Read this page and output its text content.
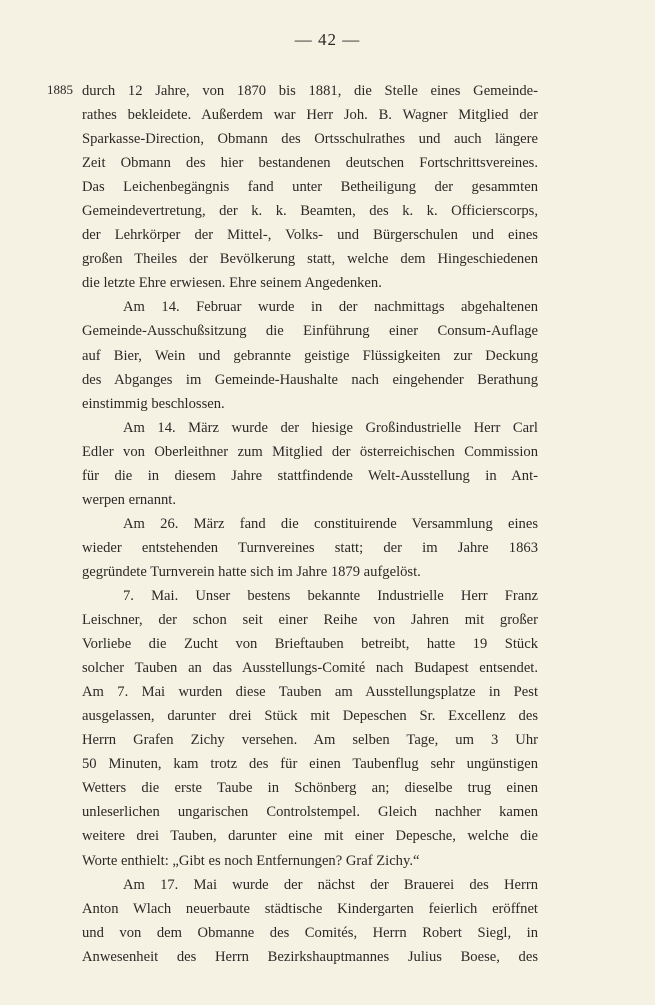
— 42 —
1885 durch 12 Jahre, von 1870 bis 1881, die Stelle eines Gemeinde-
rathes bekleidete. Außerdem war Herr Joh. B. Wagner Mitglied der
Sparkasse-Direction, Obmann des Ortsschulrathes und auch längere
Zeit Obmann des hier bestandenen deutschen Fortschrittsvereines.
Das Leichenbegängnis fand unter Betheiligung der gesammten
Gemeindevertretung, der k. k. Beamten, des k. k. Officierscorps,
der Lehrkörper der Mittel-, Volks- und Bürgerschulen und eines
großen Theiles der Bevölkerung statt, welche dem Hingeschiedenen
die letzte Ehre erwiesen. Ehre seinem Angedenken.
Am 14. Februar wurde in der nachmittags abgehaltenen
Gemeinde-Ausschußsitzung die Einführung einer Consum-Auflage
auf Bier, Wein und gebrannte geistige Flüssigkeiten zur Deckung
des Abganges im Gemeinde-Haushalte nach eingehender Berathung
einstimmig beschlossen.
Am 14. März wurde der hiesige Großindustrielle Herr Carl
Edler von Oberleithner zum Mitglied der österreichischen Commission
für die in diesem Jahre stattfindende Welt-Ausstellung in Ant-
werpen ernannt.
Am 26. März fand die constituirende Versammlung eines
wieder entstehenden Turnvereines statt; der im Jahre 1863
gegründete Turnverein hatte sich im Jahre 1879 aufgelöst.
7. Mai. Unser bestens bekannte Industrielle Herr Franz
Leischner, der schon seit einer Reihe von Jahren mit großer
Vorliebe die Zucht von Brieftauben betreibt, hatte 19 Stück
solcher Tauben an das Ausstellungs-Comité nach Budapest entsendet.
Am 7. Mai wurden diese Tauben am Ausstellungsplatze in Pest
ausgelassen, darunter drei Stück mit Depeschen Sr. Excellenz des
Herrn Grafen Zichy versehen. Am selben Tage, um 3 Uhr
50 Minuten, kam trotz des für einen Taubenflug sehr ungünstigen
Wetters die erste Taube in Schönberg an; dieselbe trug einen
unleserlichen ungarischen Controlstempel. Gleich nachher kamen
weitere drei Tauben, darunter eine mit einer Depesche, welche die
Worte enthielt: „Gibt es noch Entfernungen? Graf Zichy.“
Am 17. Mai wurde der nächst der Brauerei des Herrn
Anton Wlach neuerbaute städtische Kindergarten feierlich eröffnet
und von dem Obmanne des Comités, Herrn Robert Siegl, in
Anwesenheit des Herrn Bezirkshauptmannes Julius Boese, des
